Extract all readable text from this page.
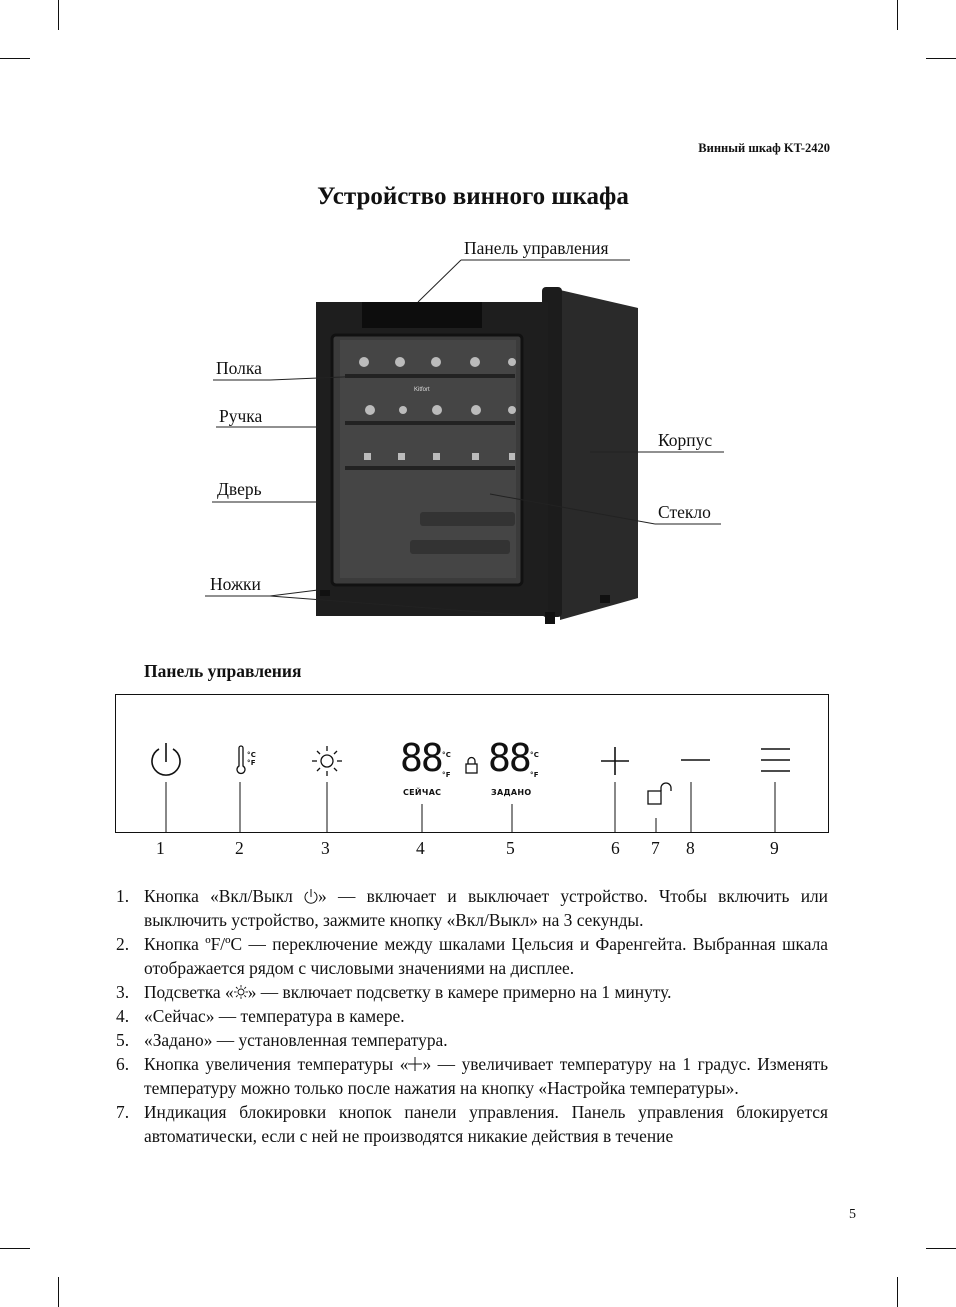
Винный шкаф KT-2420
Устройство винного шкафа
Kitfort
Панель управления
Полка
Ручка
Дверь
Ножки
Корпус
Стекло
Панель управления
°C
°F	88 °C
°F 88 °C
°F
СЕЙЧАС	ЗАДАНО
1	2	3	4	5	6 7 8	9
1. Кнопка «Вкл/Выкл » — включает и выключает устройство. Чтобы включить или выключить устройство, зажмите кнопку «Вкл/Выкл» на 3 секунды.
2. Кнопка ºF/ºC — переключение между шкалами Цельсия и Фаренгейта. Выбранная шкала отображается рядом с числовыми значениями на дисплее.
3. Подсветка « » — включает подсветку в камере примерно на 1 минуту.
4. «Сейчас» — температура в камере.
5. «Задано» — установленная температура.
6. Кнопка увеличения температуры « » — увеличивает температуру на 1 градус. Изменять температуру можно только после нажатия на кнопку «Настройка температуры».
7. Индикация блокировки кнопок панели управления. Панель управления блокируется автоматически, если с ней не производятся никакие действия в течение
5
